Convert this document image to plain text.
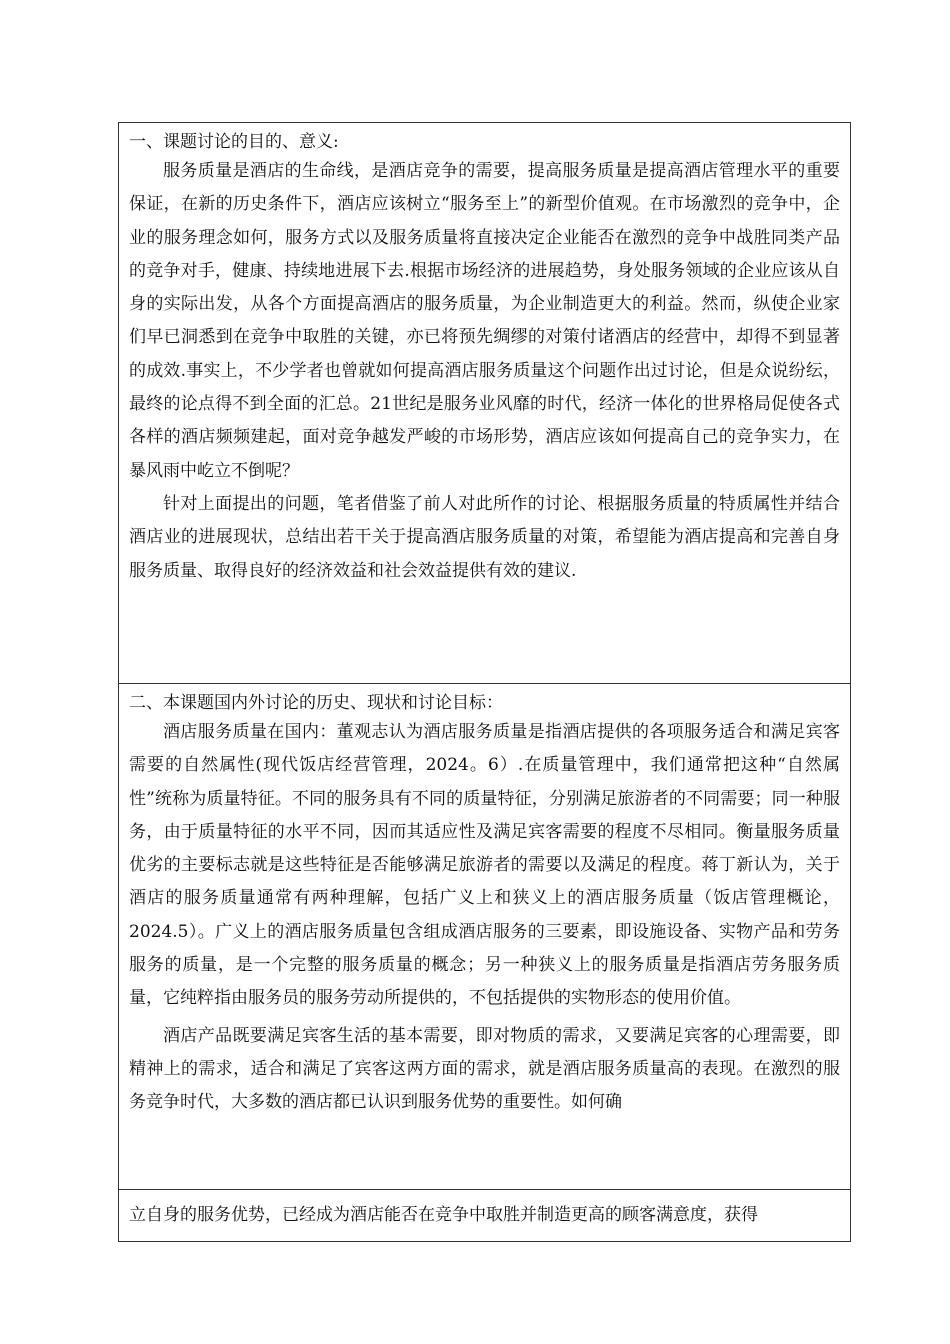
一、课题讨论的目的、意义:

服务质量是酒店的生命线，是酒店竞争的需要，提高服务质量是提高酒店管理水平的重要保证，在新的历史条件下，酒店应该树立“服务至上”的新型价值观。在市场激烈的竞争中，企业的服务理念如何，服务方式以及服务质量将直接决定企业能否在激烈的竞争中战胜同类产品的竞争对手，健康、持续地进展下去.根据市场经济的进展趋势，身处服务领域的企业应该从自身的实际出发，从各个方面提高酒店的服务质量，为企业制造更大的利益。然而，纵使企业家们早已洞悉到在竞争中取胜的关键，亦已将预先绸缪的对策付诸酒店的经营中，却得不到显著的成效.事实上，不少学者也曾就如何提高酒店服务质量这个问题作出过讨论，但是众说纷纭，最终的论点得不到全面的汇总。21世纪是服务业风靡的时代，经济一体化的世界格局促使各式各样的酒店频频建起，面对竞争越发严峻的市场形势，酒店应该如何提高自己的竞争实力，在暴风雨中屹立不倒呢？

针对上面提出的问题，笔者借鉴了前人对此所作的讨论、根据服务质量的特质属性并结合酒店业的进展现状，总结出若干关于提高酒店服务质量的对策，希望能为酒店提高和完善自身服务质量、取得良好的经济效益和社会效益提供有效的建议.

二、本课题国内外讨论的历史、现状和讨论目标：

酒店服务质量在国内：董观志认为酒店服务质量是指酒店提供的各项服务适合和满足宾客需要的自然属性(现代饭店经营管理，2024。6）.在质量管理中，我们通常把这种“自然属性”统称为质量特征。不同的服务具有不同的质量特征，分别满足旅游者的不同需要；同一种服务，由于质量特征的水平不同，因而其适应性及满足宾客需要的程度不尽相同。衡量服务质量优劣的主要标志就是这些特征是否能够满足旅游者的需要以及满足的程度。蒋丁新认为，关于酒店的服务质量通常有两种理解，包括广义上和狭义上的酒店服务质量（饭店管理概论，2024.5）。广义上的酒店服务质量包含组成酒店服务的三要素，即设施设备、实物产品和劳务服务的质量，是一个完整的服务质量的概念；另一种狭义上的服务质量是指酒店劳务服务质量，它纯粹指由服务员的服务劳动所提供的，不包括提供的实物形态的使用价值。

酒店产品既要满足宾客生活的基本需要，即对物质的需求，又要满足宾客的心理需要，即精神上的需求，适合和满足了宾客这两方面的需求，就是酒店服务质量高的表现。在激烈的服务竞争时代，大多数的酒店都已认识到服务优势的重要性。如何确

立自身的服务优势，已经成为酒店能否在竞争中取胜并制造更高的顾客满意度，获得
